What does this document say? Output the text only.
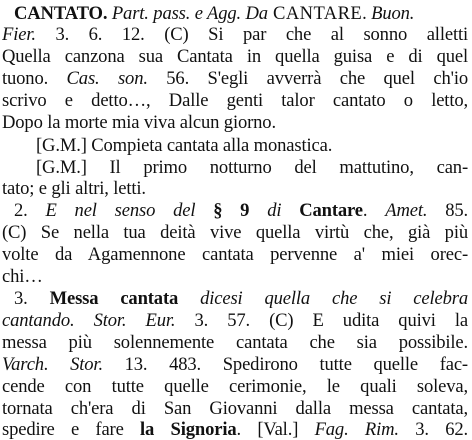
CANTATO. Part. pass. e Agg. Da CANTARE. Buon.
Fier. 3. 6. 12. (C) Si par che al sonno alletti
Quella canzona sua Cantata in quella guisa e di quel
tuono. Cas. son. 56. S'egli avverrà che quel ch'io
scrivo e detto…, Dalle genti talor cantato o letto,
Dopo la morte mia viva alcun giorno.
[G.M.] Compieta cantata alla monastica.
[G.M.] Il primo notturno del mattutino, can-
tato; e gli altri, letti.
2. E nel senso del § 9 di Cantare. Amet. 85.
(C) Se nella tua deità vive quella virtù che, già più
volte da Agamennone cantata pervenne a' miei orec-
chi…
3. Messa cantata dicesi quella che si celebra
cantando. Stor. Eur. 3. 57. (C) E udita quivi la
messa più solennemente cantata che sia possibile.
Varch. Stor. 13. 483. Spedirono tutte quelle fac-
cende con tutte quelle cerimonie, le quali soleva,
tornata ch'era di San Giovanni dalla messa cantata,
spedire e fare la Signoria. [Val.] Fag. Rim. 3. 62.
